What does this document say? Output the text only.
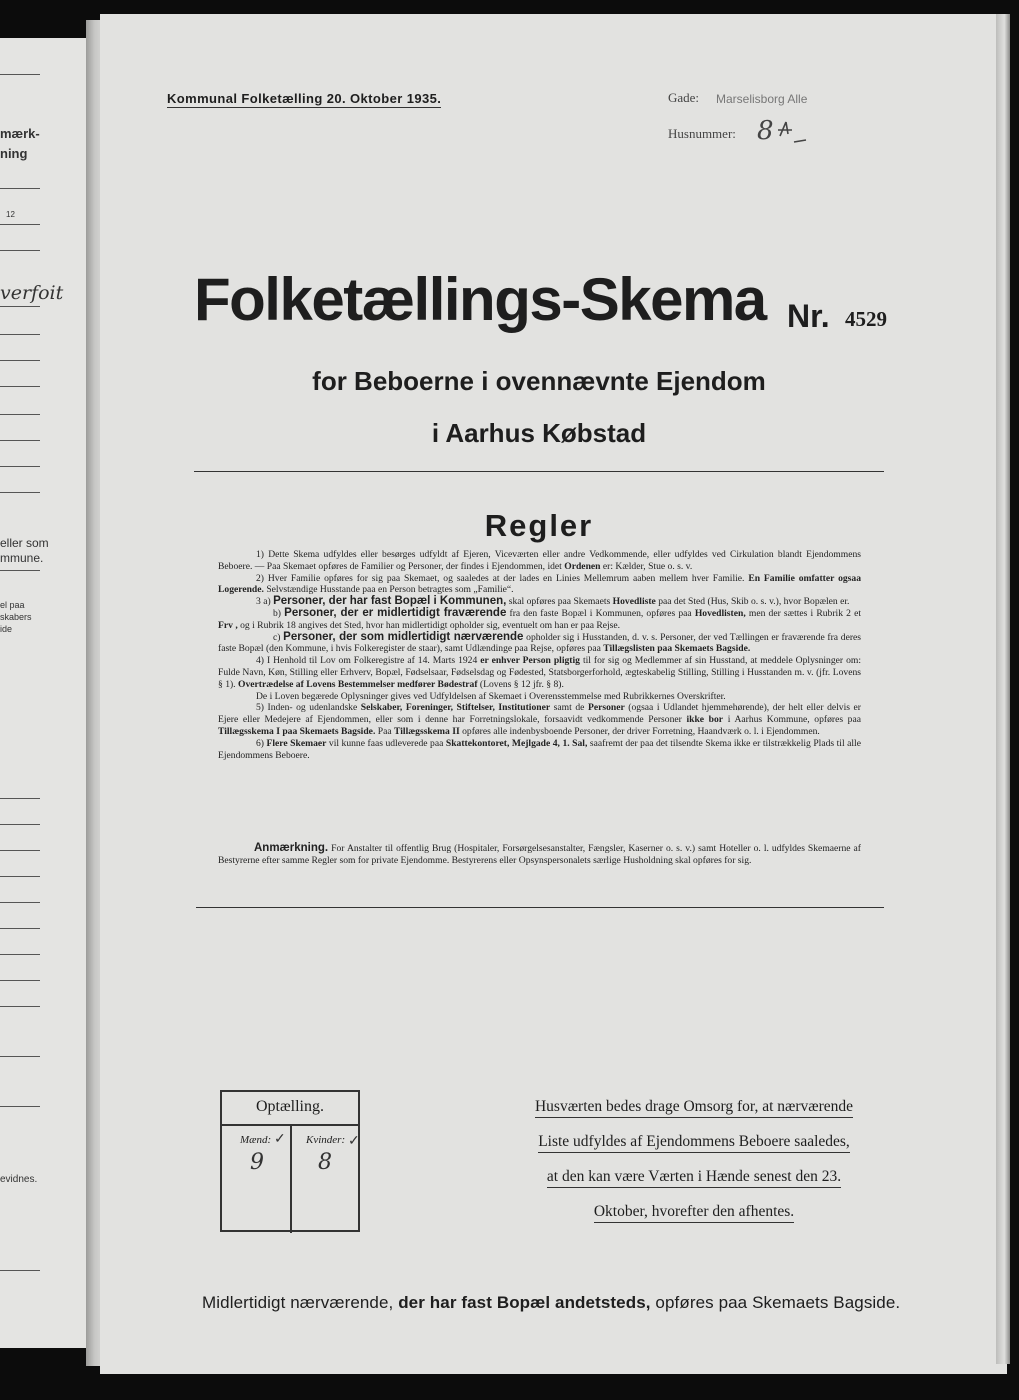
mærk-
ning
12
verfoit
eller som
mmune.
el paa
skabers
ide
evidnes.
Kommunal Folketælling 20. Oktober 1935.	Gade: Marselisborg Alle
Husnummer: 8
Folketællings-Skema Nr. 4529
for Beboerne i ovennævnte Ejendom
i Aarhus Købstad
Regler

1) Dette Skema udfyldes eller besørges udfyldt af Ejeren, Viceværten eller andre Vedkommende, eller udfyldes ved Cirkulation blandt Ejendommens Beboere. — Paa Skemaet opføres de Familier og Personer, der findes i Ejendommen, idet Ordenen er: Kælder, Stue o. s. v.

2) Hver Familie opføres for sig paa Skemaet, og saaledes at der lades en Linies Mellemrum aaben mellem hver Familie. En Familie omfatter ogsaa Logerende. Selvstændige Husstande paa en Person betragtes som „Familie“.

3 a) Personer, der har fast Bopæl i Kommunen, skal opføres paa Skemaets Hovedliste paa det Sted (Hus, Skib o. s. v.), hvor Bopælen er.

b) Personer, der er midlertidigt fraværende fra den faste Bopæl i Kommunen, opføres paa Hovedlisten, men der sættes i Rubrik 2 et Frv , og i Rubrik 18 angives det Sted, hvor han midlertidigt opholder sig, eventuelt om han er paa Rejse.

c) Personer, der som midlertidigt nærværende opholder sig i Husstanden, d. v. s. Personer, der ved Tællingen er fraværende fra deres faste Bopæl (den Kommune, i hvis Folkeregister de staar), samt Udlændinge paa Rejse, opføres paa Tillægslisten paa Skemaets Bagside.

4) I Henhold til Lov om Folkeregistre af 14. Marts 1924 er enhver Person pligtig til for sig og Medlemmer af sin Husstand, at meddele Oplysninger om: Fulde Navn, Køn, Stilling eller Erhverv, Bopæl, Fødselsaar, Fødselsdag og Fødested, Statsborgerforhold, ægteskabelig Stilling, Stilling i Husstanden m. v. (jfr. Lovens § 1). Overtrædelse af Lovens Bestemmelser medfører Bødestraf (Lovens § 12 jfr. § 8).

De i Loven begærede Oplysninger gives ved Udfyldelsen af Skemaet i Overensstemmelse med Rubrikkernes Overskrifter.

5) Inden- og udenlandske Selskaber, Foreninger, Stiftelser, Institutioner samt de Personer (ogsaa i Udlandet hjemmehørende), der helt eller delvis er Ejere eller Medejere af Ejendommen, eller som i denne har Forretningslokale, forsaavidt vedkommende Personer ikke bor i Aarhus Kommune, opføres paa Tillægsskema I paa Skemaets Bagside. Paa Tillægsskema II opføres alle indenbysboende Personer, der driver Forretning, Haandværk o. l. i Ejendommen.

6) Flere Skemaer vil kunne faas udleverede paa Skattekontoret, Mejlgade 4, 1. Sal, saafremt der paa det tilsendte Skema ikke er tilstrækkelig Plads til alle Ejendommens Beboere.

Anmærkning. For Anstalter til offentlig Brug (Hospitaler, Forsørgelsesanstalter, Fængsler, Kaserner o. s. v.) samt Hoteller o. l. udfyldes Skemaerne af Bestyrerne efter samme Regler som for private Ejendomme. Bestyrerens eller Opsynspersonalets særlige Husholdning skal opføres for sig.

Optælling.
Mænd: ✓
9
Kvinder: ✓
8
Husværten bedes drage Omsorg for, at nærværende
Liste udfyldes af Ejendommens Beboere saaledes,
at den kan være Værten i Hænde senest den 23.
Oktober, hvorefter den afhentes.
Midlertidigt nærværende, der har fast Bopæl andetsteds, opføres paa Skemaets Bagside.
